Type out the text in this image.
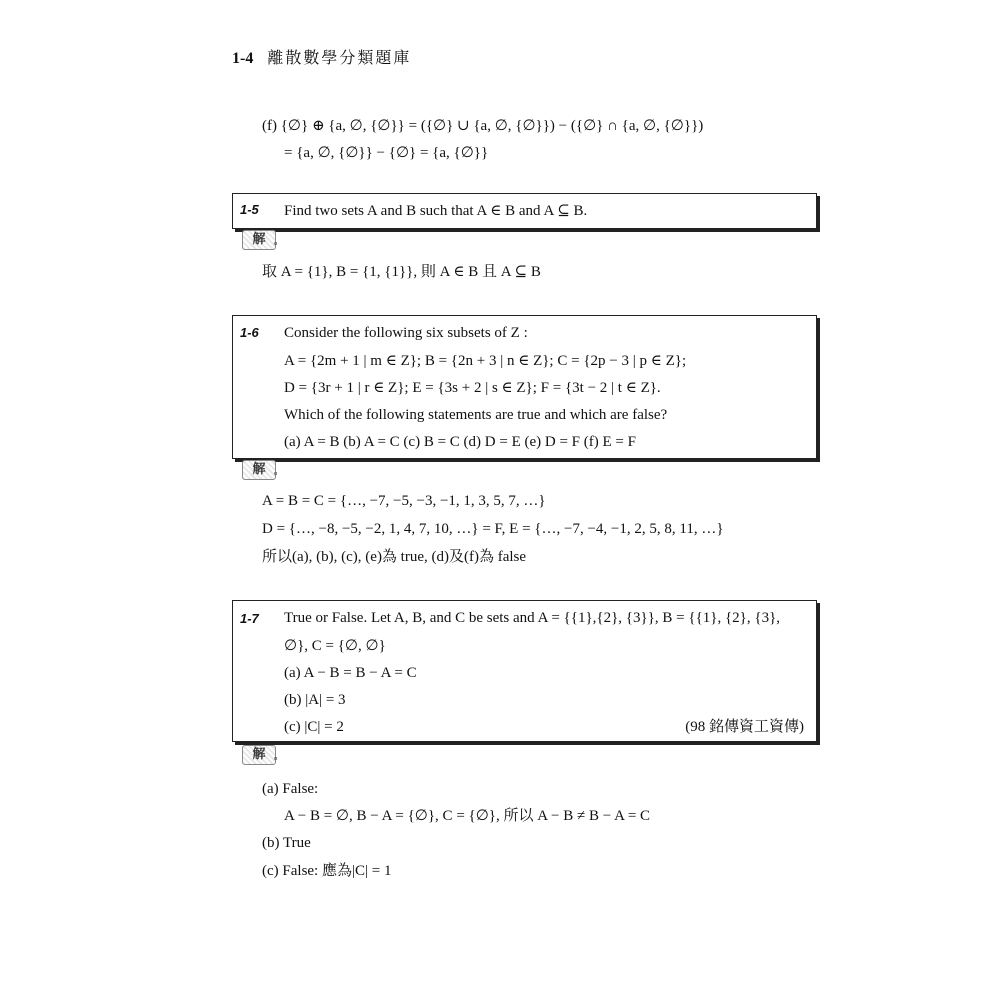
1-4 離散數學分類題庫
(f) {∅} ⊕ {a, ∅, {∅}} = ({∅} ∪ {a, ∅, {∅}}) − ({∅} ∩ {a, ∅, {∅}})
= {a, ∅, {∅}} − {∅} = {a, {∅}}
1-5 Find two sets A and B such that A ∈ B and A ⊆ B.
解 。
取 A = {1}, B = {1, {1}}, 則 A ∈ B 且 A ⊆ B
1-6 Consider the following six subsets of Z :
A = {2m + 1 | m ∈ Z}; B = {2n + 3 | n ∈ Z}; C = {2p − 3 | p ∈ Z};
D = {3r + 1 | r ∈ Z}; E = {3s + 2 | s ∈ Z}; F = {3t − 2 | t ∈ Z}.
Which of the following statements are true and which are false?
(a) A = B (b) A = C (c) B = C (d) D = E (e) D = F (f) E = F
解 。
A = B = C = {…, −7, −5, −3, −1, 1, 3, 5, 7, …}
D = {…, −8, −5, −2, 1, 4, 7, 10, …} = F, E = {…, −7, −4, −1, 2, 5, 8, 11, …}
所以(a), (b), (c), (e)為 true, (d)及(f)為 false
1-7 True or False. Let A, B, and C be sets and A = {{1},{2}, {3}}, B = {{1}, {2}, {3},
∅}, C = {∅, ∅}
(a) A − B = B − A = C
(b) |A| = 3
(c) |C| = 2	(98 銘傳資工資傳)
解 。
(a) False:
A − B = ∅, B − A = {∅}, C = {∅}, 所以 A − B ≠ B − A = C
(b) True
(c) False: 應為|C| = 1
